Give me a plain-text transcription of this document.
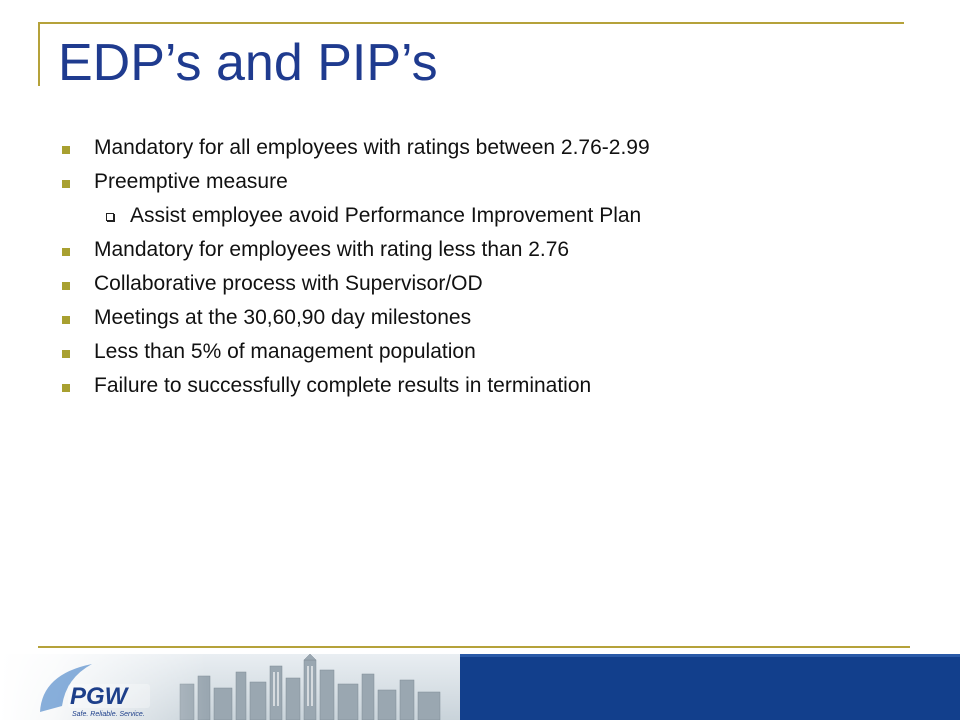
EDP’s and PIP’s
Mandatory for all employees with ratings between 2.76-2.99
Preemptive measure
Assist employee avoid Performance Improvement Plan
Mandatory for employees with rating less than 2.76
Collaborative process with Supervisor/OD
Meetings at the 30,60,90 day milestones
Less than 5% of management population
Failure to successfully complete results in termination
PGW
Safe. Reliable. Service.
